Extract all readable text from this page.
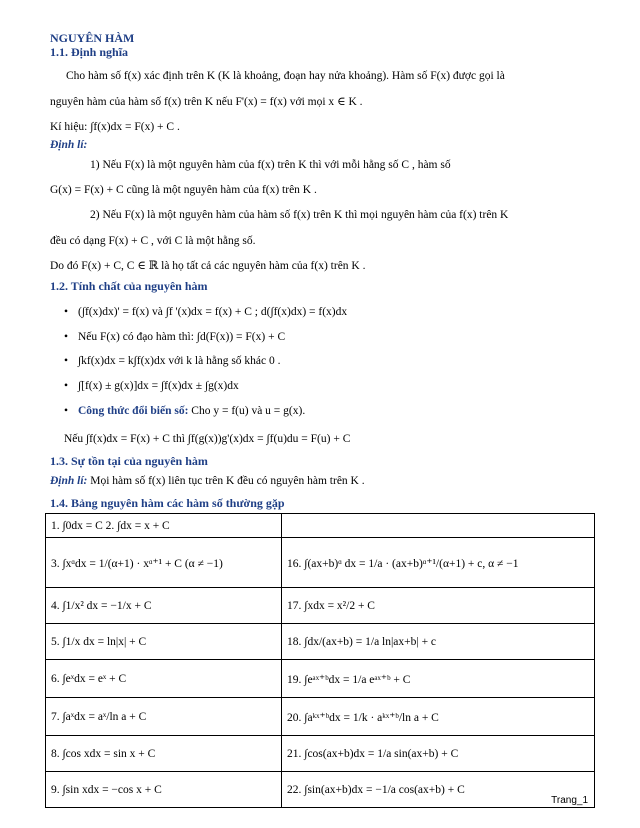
NGUYÊN HÀM
1.1. Định nghĩa
Cho hàm số f(x) xác định trên K (K là khoảng, đoạn hay nửa khoảng). Hàm số F(x) được gọi là
nguyên hàm của hàm số f(x) trên K nếu F'(x) = f(x) với mọi x ∈ K .
Kí hiệu: ∫f(x)dx = F(x) + C .
Định lí:
1) Nếu F(x) là một nguyên hàm của f(x) trên K thì với mỗi hằng số C , hàm số
G(x) = F(x) + C cũng là một nguyên hàm của f(x) trên K .
2) Nếu F(x) là một nguyên hàm của hàm số f(x) trên K thì mọi nguyên hàm của f(x) trên K
đều có dạng F(x) + C , với C là một hằng số.
Do đó F(x) + C, C ∈ ℝ là họ tất cả các nguyên hàm của f(x) trên K .
1.2. Tính chất của nguyên hàm
• (∫f(x)dx)' = f(x) và ∫f '(x)dx = f(x) + C ; d(∫f(x)dx) = f(x)dx
• Nếu F(x) có đạo hàm thì: ∫d(F(x)) = F(x) + C
• ∫kf(x)dx = k∫f(x)dx với k là hằng số khác 0 .
• ∫[f(x) ± g(x)]dx = ∫f(x)dx ± ∫g(x)dx
• Công thức đổi biến số: Cho y = f(u) và u = g(x).
Nếu ∫f(x)dx = F(x) + C thì ∫f(g(x))g'(x)dx = ∫f(u)du = F(u) + C
1.3. Sự tồn tại của nguyên hàm
Định lí: Mọi hàm số f(x) liên tục trên K đều có nguyên hàm trên K .
1.4. Bảng nguyên hàm các hàm số thường gặp
1. ∫0dx = C 2. ∫dx = x + C	
3. ∫xᵅdx = 1/(α+1) · xᵅ⁺¹ + C (α ≠ −1)	16. ∫(ax+b)ᵅ dx = 1/a · (ax+b)ᵅ⁺¹/(α+1) + c, α ≠ −1
4. ∫1/x² dx = −1/x + C	17. ∫xdx = x²/2 + C
5. ∫1/x dx = ln|x| + C	18. ∫dx/(ax+b) = 1/a ln|ax+b| + c
6. ∫eˣdx = eˣ + C	19. ∫eᵃˣ⁺ᵇdx = 1/a eᵃˣ⁺ᵇ + C
7. ∫aˣdx = aˣ/ln a + C	20. ∫aᵏˣ⁺ᵇdx = 1/k · aᵏˣ⁺ᵇ/ln a + C
8. ∫cos xdx = sin x + C	21. ∫cos(ax+b)dx = 1/a sin(ax+b) + C
9. ∫sin xdx = −cos x + C	22. ∫sin(ax+b)dx = −1/a cos(ax+b) + C
Trang_1
